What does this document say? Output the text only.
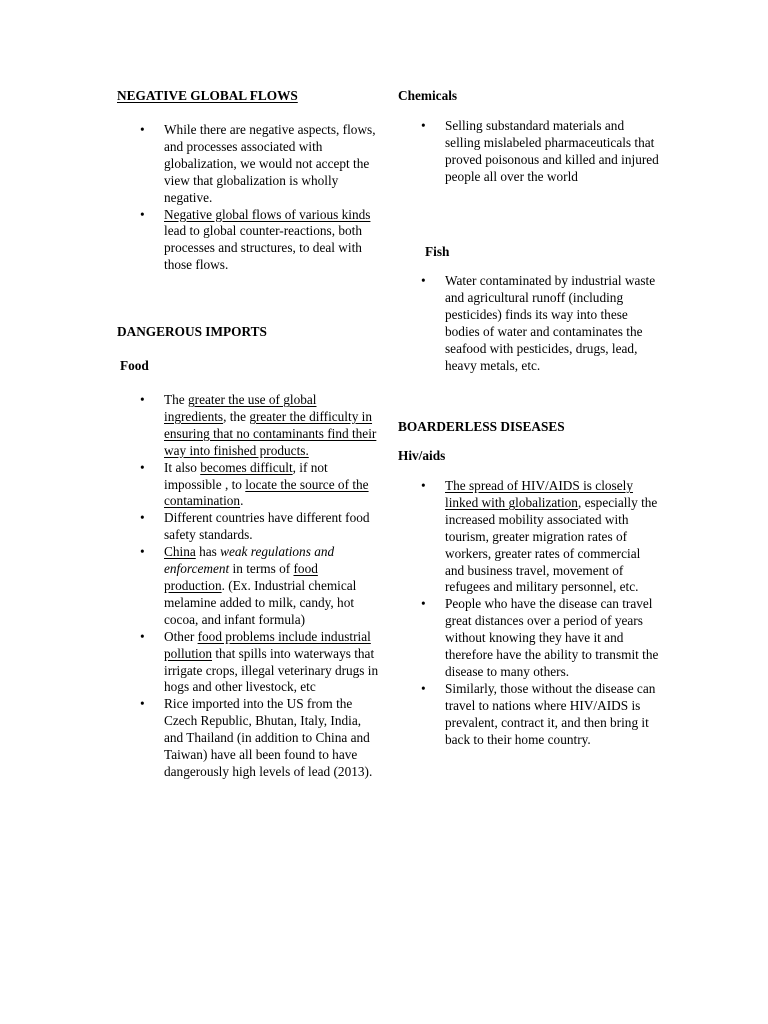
NEGATIVE GLOBAL FLOWS
• While there are negative aspects, flows, and processes associated with globalization, we would not accept the view that globalization is wholly negative.
• Negative global flows of various kinds lead to global counter-reactions, both processes and structures, to deal with those flows.
DANGEROUS IMPORTS
Food
• The greater the use of global ingredients, the greater the difficulty in ensuring that no contaminants find their way into finished products.
• It also becomes difficult, if not impossible , to locate the source of the contamination.
• Different countries have different food safety standards.
• China has weak regulations and enforcement in terms of food production. (Ex. Industrial chemical melamine added to milk, candy, hot cocoa, and infant formula)
• Other food problems include industrial pollution that spills into waterways that irrigate crops, illegal veterinary drugs in hogs and other livestock, etc
• Rice imported into the US from the Czech Republic, Bhutan, Italy, India, and Thailand (in addition to China and Taiwan) have all been found to have dangerously high levels of lead (2013).
Chemicals
• Selling substandard materials and selling mislabeled pharmaceuticals that proved poisonous and killed and injured people all over the world
Fish
• Water contaminated by industrial waste and agricultural runoff (including pesticides) finds its way into these bodies of water and contaminates the seafood with pesticides, drugs, lead, heavy metals, etc.
BOARDERLESS DISEASES
Hiv/aids
• The spread of HIV/AIDS is closely linked with globalization, especially the increased mobility associated with tourism, greater migration rates of workers, greater rates of commercial and business travel, movement of refugees and military personnel, etc.
• People who have the disease can travel great distances over a period of years without knowing they have it and therefore have the ability to transmit the disease to many others.
• Similarly, those without the disease can travel to nations where HIV/AIDS is prevalent, contract it, and then bring it back to their home country.
